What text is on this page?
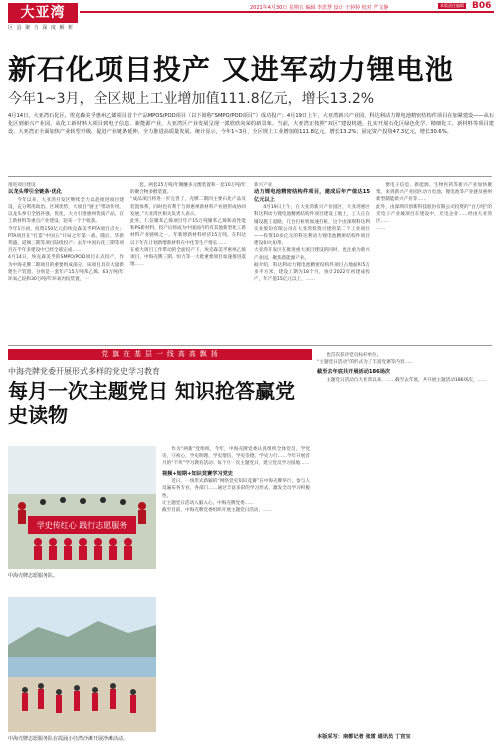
大亚湾
区 县 聚 力 深 度 解 析
2021年4月30日 星期五 编辑 李思慧 设计 王婷婷 校对 严文静	本版责任编辑 B06
新石化项目投产 又进军动力锂电池
今年1~3月，全区规上工业增加值111.8亿元，增长13.2%
4月14日，大亚湾石化区，埃克森美孚惠州乙烯项目首个产品MPOS/POD项目（以下简称“SMPO/POD项目”）成功投产；4月19日上午，大亚湾新兴产业园，科达利动力锂电池精密结构件项目在加紧建设——从石化区到新兴产业园，从化工新材料大项目到电子信息、新能源产业，大亚湾区产业发展呈现一派欣欣向荣的新景象。当前，大亚湾正按照“双区”建设机遇，扎实开展石化区绿色化学、精细化工、新材料等项目建设，大亚湾正全面加快产业转型升级，促进产业链条延伸，全力推进高质量发展。统计显示，今年1~3月，全区规上工业增加值111.8亿元，增长13.2%；固定资产投资47.3亿元，增长30.6%。
推进项目建设
以龙头带引全链条·优化

今年以来，大亚湾开发区继续全力以赴推进项目建设，充分利用政治、区域优势，大项目“链主”带动作用，以龙头拳引全链补强，优化，大力引进惠州优质产品，在工新材料等重点产业建设，迎来一个个收获。
今年1月初，投资150亿元的埃克森美孚PTA项目点火；PTA项目在“打造”中国五“开局之年第一战，随后，华新邦盛、道阀三期等项目陆续投产；去年中国石化三期等项目在半年多建设中已经全部完成……
4月14日，埃克森美孚的SMPO/POD项目正式投产，作为中海壳牌二期项目的重要组成部分，该项目具有大量新建生产装置，分别是一套年产15万吨苯乙烯、63万吨/年环氧乙烷和30万吨/年环氧丙烷装置，一

套，两套25万吨/年聚醚多元醇装置和一套10万吨/年的聚合物多醇装置。
“成品项目将进一步完善了，壳牌二期四主要石化产品及装置体系，同时也有利于与原惠州新材料产业链形成协同发展，”大亚湾区相关负责人表示。
此外，仁信聚苯乙烯项目年产15万吨聚苯乙烯和高性能和PS新材料，投产后将成为中国国内仍有其他新型化工新材料产业链统之一，年新增新材料经济15万吨、在科达以下年在计划新增新材料在中化等生产增长……
在重大项目工作带动的全面投产下，埃克森美孚惠州乙烯项目、中海壳牌三期、恒力等一大批重要项目加速推进落地……

新兴产业
动力锂电池精密结构件项目，建成后年产值达15亿元以上

4月19日上午，在大亚湾新兴产业园区，大亚湾惠区科达利动力锂电池精密结构件项目建设工地上，工人正在铺设施工道路，几台打桩机加速打桩，这个由深圳科达利实业股份有限公司在大亚湾投资兴建的第二个工业项目——投资10多亿元的科达利动力锂电池精密结构件项目建设如火如荼。
大亚湾开发区在推进重大项目建设的同时，也注重为新兴产业园、聚焦新能源产业。
据介绍，科达利动力锂电池精密结构件项目占地面积5万多平方米，建设工期为18个月，预计2022年初建成投产，年产值15亿元以上，……

要电子信息、新能源、生物医药等新兴产业加快聚集，来到新兴产业园区动力电池、锂电池等产业链及惠州新型储能新兴产业等……
此外，由深圳市创新科技股份有限公司投资的“百万吨”的光电子产业城项目在建设中，光电企业……经由大亚湾区……
……

党 旗 在 基 层 一 线 高 高 飘 扬
中海壳牌党委开展形式多样的党史学习教育
每月一次主题党日 知识抢答赢党史读物
学史传红心 践行志愿服务
中海壳牌志愿服务队。
中海壳牌志愿服务队在霞涌小径湾沙滩开展净滩活动。

作为“两新”党组织，今年，中海壳牌党委认真组织全体党员，学党史，守初心，学史明理、学史增信、学史崇德、学史力行……今年开展首月的“千块”学习教育活动：每个月一次主题党日，建立党员学习园地……

视频+短期+知识竞赛学习党史

近日，一场形式新颖的“网络党史知识竞赛”在中海壳牌举行，参与人员遍布各专业、各部门……通过丰富多彩的学习形式，激发全员学习积极性。
让主题党日活动入脑入心，中海壳牌党委……
截至目前，中海壳牌党委组织开展主题党日活动，……

也首次获评党员标杆单位。
“主题党日活动”的形式为了丰富党课等内容……

截至去年底共开展活动186场次

主题党日活动自大亚湾以来，……截至去年底，共开展主题活动186场次，……

本版采写：南都记者 张雷 通讯员 丁宫宝
